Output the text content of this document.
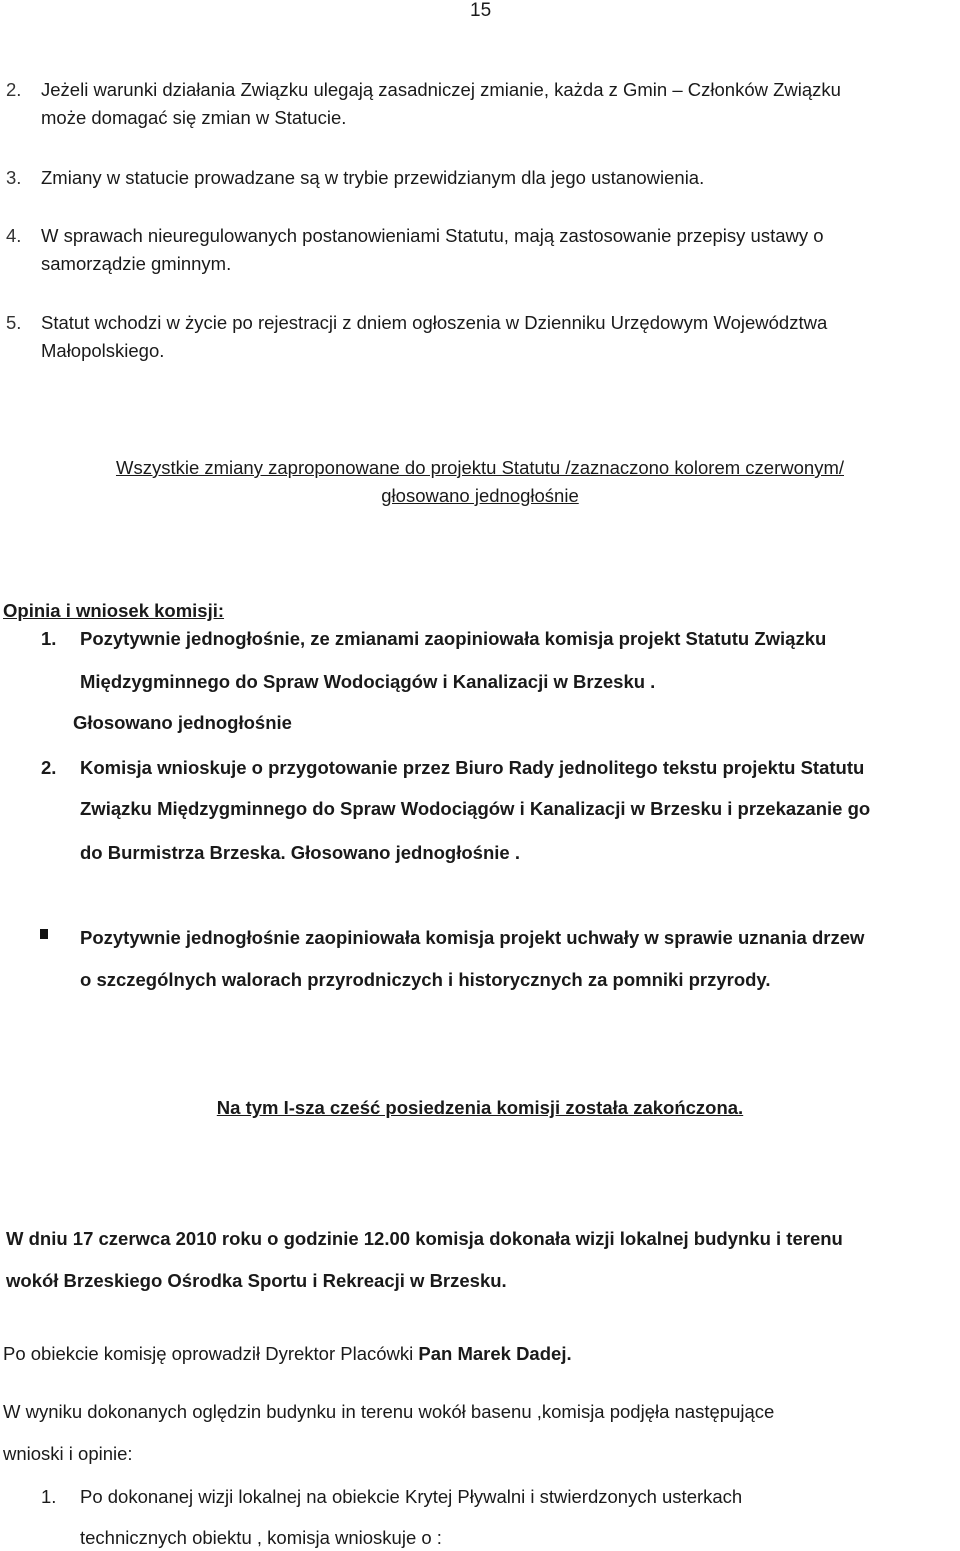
15
2. Jeżeli warunki działania Związku ulegają zasadniczej zmianie, każda z Gmin – Członków Związku
może domagać się zmian w Statucie.
3. Zmiany w statucie prowadzane są w trybie przewidzianym dla jego ustanowienia.
4. W sprawach nieuregulowanych postanowieniami Statutu, mają zastosowanie przepisy ustawy o
samorządzie gminnym.
5. Statut wchodzi w życie po rejestracji z dniem ogłoszenia w Dzienniku Urzędowym Województwa
Małopolskiego.
Wszystkie zmiany zaproponowane do projektu Statutu /zaznaczono kolorem czerwonym/
głosowano jednogłośnie
Opinia i wniosek komisji:
1. Pozytywnie jednogłośnie, ze zmianami zaopiniowała komisja projekt Statutu Związku
Międzygminnego do Spraw Wodociągów i Kanalizacji w Brzesku .
Głosowano jednogłośnie
2. Komisja wnioskuje o przygotowanie przez Biuro Rady jednolitego tekstu projektu Statutu
Związku Międzygminnego do Spraw Wodociągów i Kanalizacji w Brzesku i przekazanie go
do Burmistrza Brzeska. Głosowano jednogłośnie .
Pozytywnie jednogłośnie zaopiniowała komisja projekt uchwały w sprawie uznania drzew
o szczególnych walorach przyrodniczych i historycznych za pomniki przyrody.
Na tym I-sza cześć posiedzenia komisji została zakończona.
W dniu 17 czerwca 2010 roku o godzinie 12.00 komisja dokonała wizji lokalnej budynku i terenu
wokół Brzeskiego Ośrodka Sportu i Rekreacji w Brzesku.
Po obiekcie komisję oprowadził Dyrektor Placówki Pan Marek Dadej.
W wyniku dokonanych oględzin budynku in terenu wokół basenu ,komisja podjęła następujące
wnioski i opinie:
1. Po dokonanej wizji lokalnej na obiekcie Krytej Pływalni i stwierdzonych usterkach
technicznych obiektu , komisja wnioskuje o :
